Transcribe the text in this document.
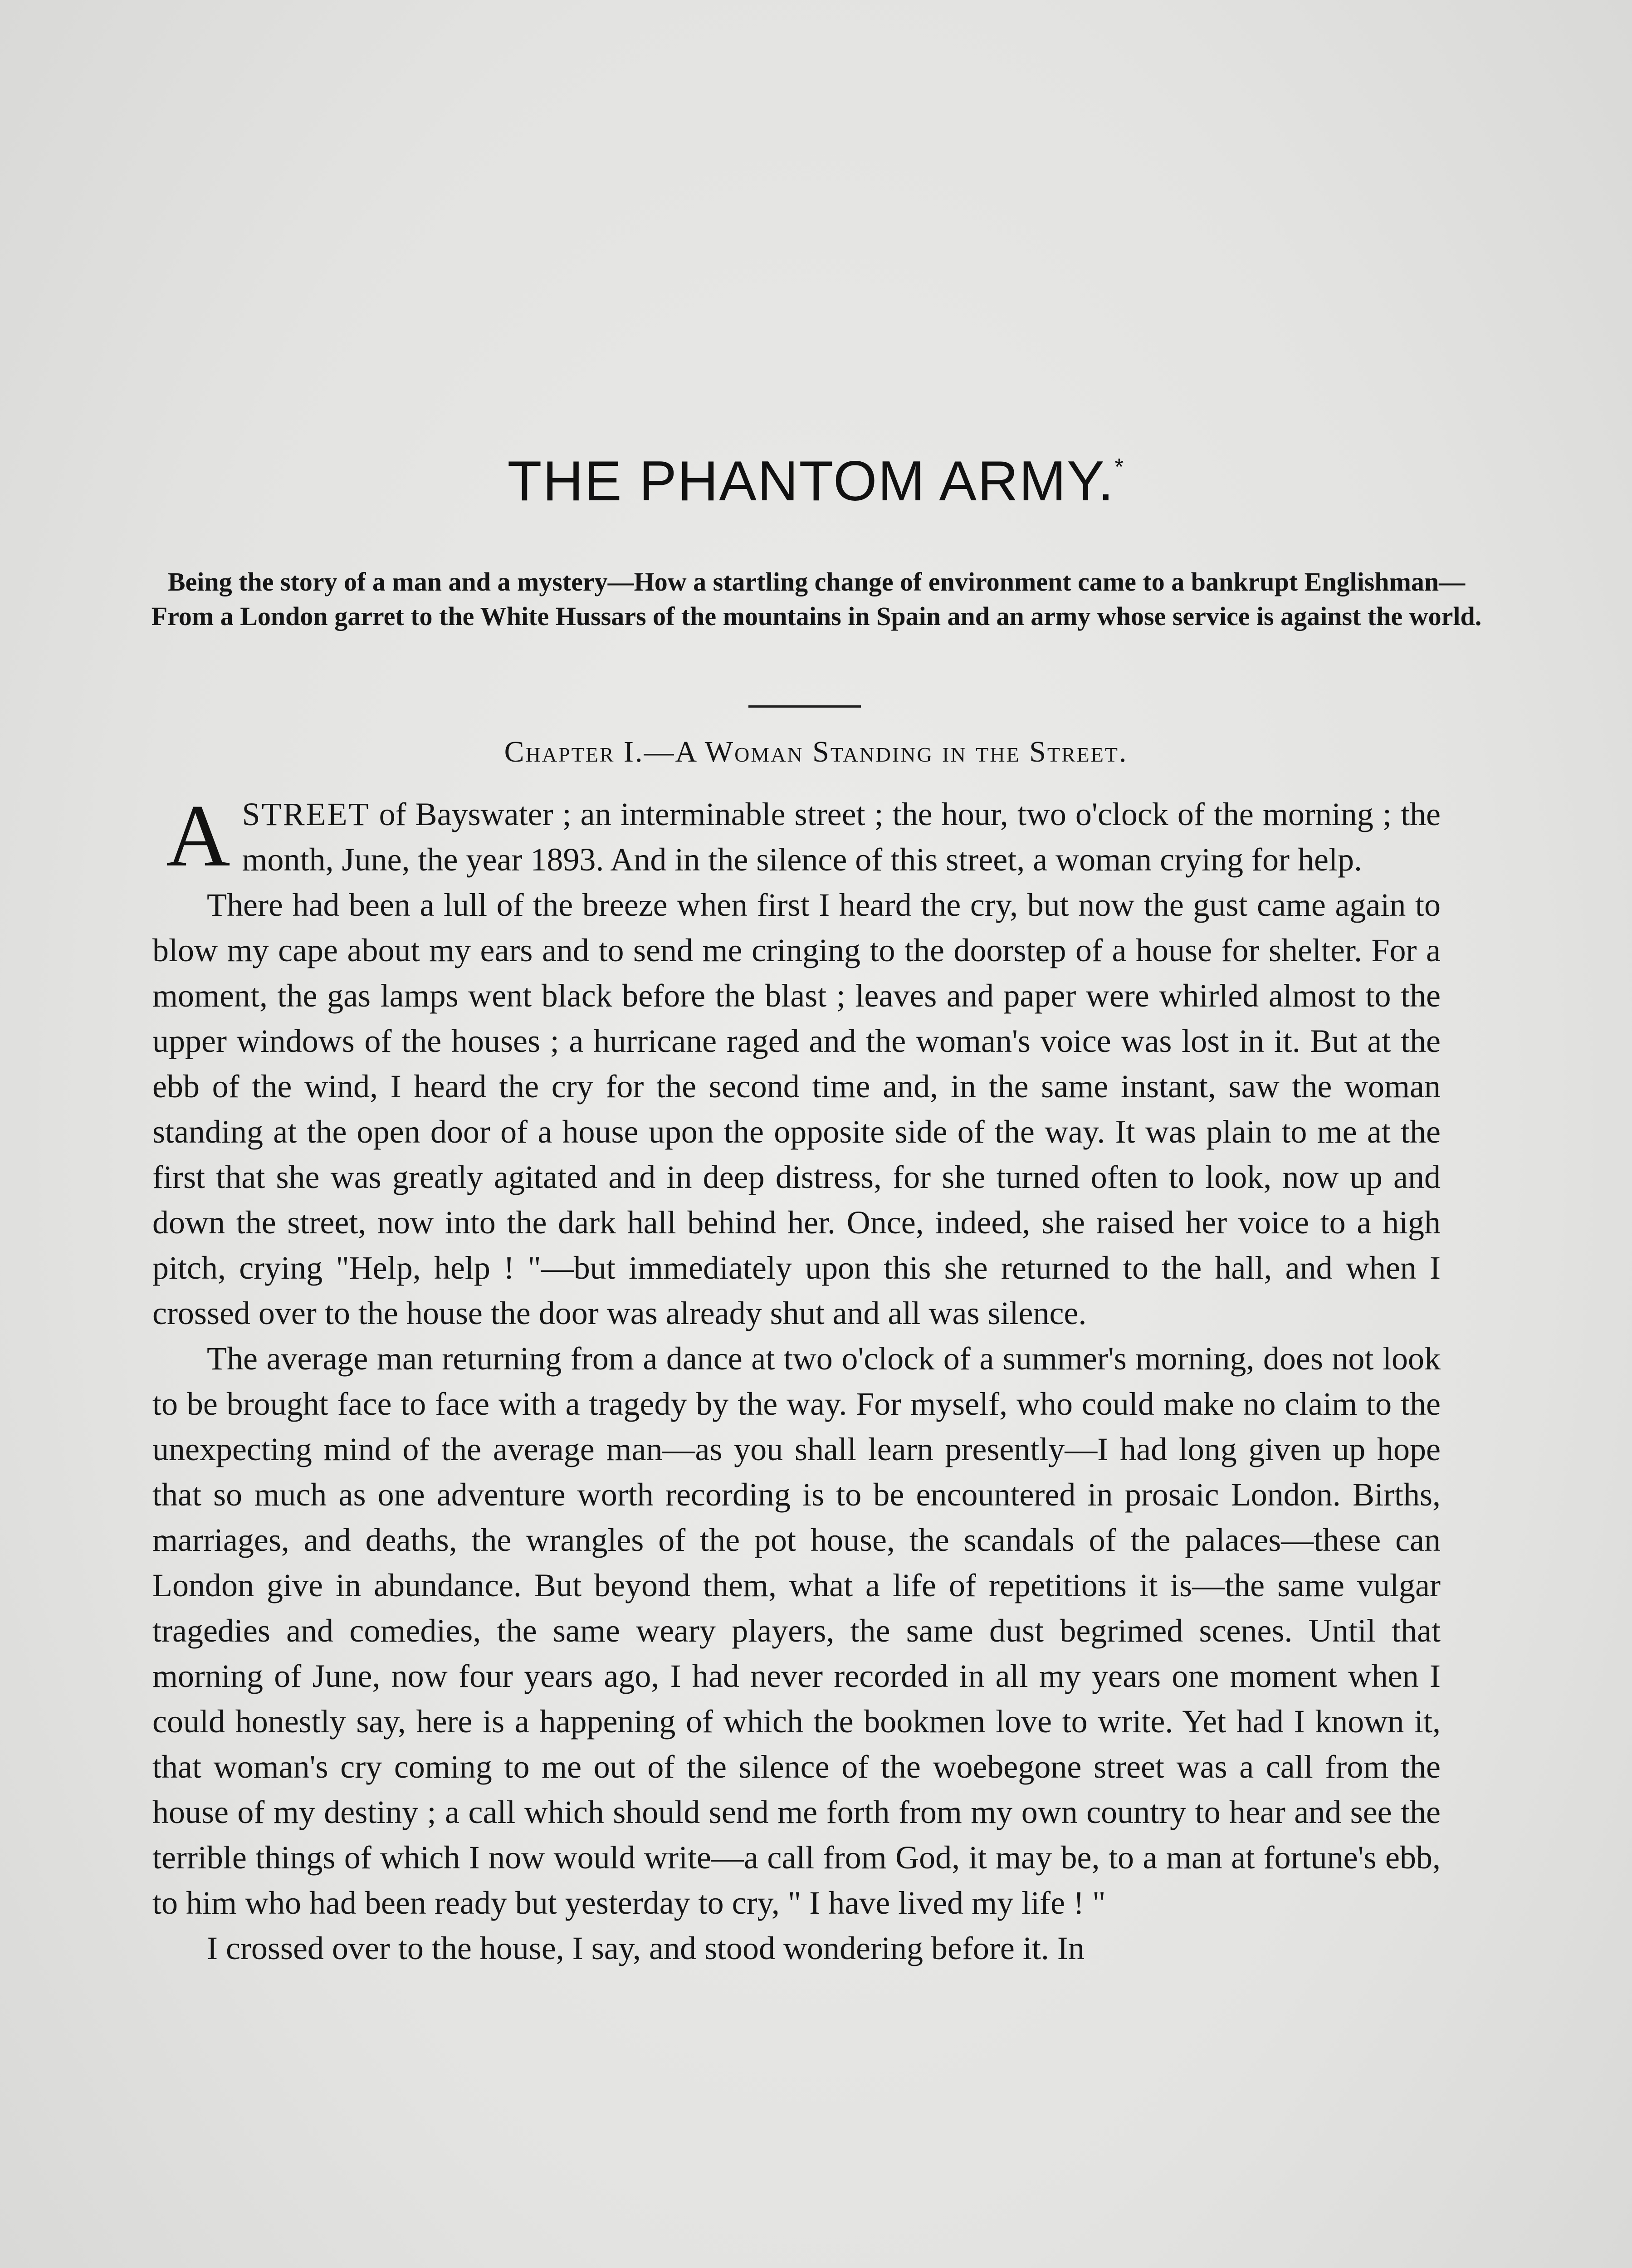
THE PHANTOM ARMY.*
Being the story of a man and a mystery—How a startling change of environment came to a bankrupt Englishman—From a London garret to the White Hussars of the mountains in Spain and an army whose service is against the world.
Chapter I.—A Woman Standing in the Street.

ASTREET of Bayswater ; an interminable street ; the hour, two o'clock of the morning ; the month, June, the year 1893. And in the silence of this street, a woman crying for help.

There had been a lull of the breeze when first I heard the cry, but now the gust came again to blow my cape about my ears and to send me cringing to the doorstep of a house for shelter. For a moment, the gas lamps went black before the blast ; leaves and paper were whirled almost to the upper windows of the houses ; a hurricane raged and the woman's voice was lost in it. But at the ebb of the wind, I heard the cry for the second time and, in the same instant, saw the woman standing at the open door of a house upon the opposite side of the way. It was plain to me at the first that she was greatly agitated and in deep distress, for she turned often to look, now up and down the street, now into the dark hall behind her. Once, indeed, she raised her voice to a high pitch, crying "Help, help ! "—but immediately upon this she returned to the hall, and when I crossed over to the house the door was already shut and all was silence.

The average man returning from a dance at two o'clock of a summer's morning, does not look to be brought face to face with a tragedy by the way. For myself, who could make no claim to the unexpecting mind of the average man—as you shall learn presently—I had long given up hope that so much as one adventure worth recording is to be encountered in prosaic London. Births, marriages, and deaths, the wrangles of the pot house, the scandals of the palaces—these can London give in abundance. But beyond them, what a life of repetitions it is—the same vulgar tragedies and comedies, the same weary players, the same dust begrimed scenes. Until that morning of June, now four years ago, I had never recorded in all my years one moment when I could honestly say, here is a happening of which the bookmen love to write. Yet had I known it, that woman's cry coming to me out of the silence of the woebegone street was a call from the house of my destiny ; a call which should send me forth from my own country to hear and see the terrible things of which I now would write—a call from God, it may be, to a man at fortune's ebb, to him who had been ready but yesterday to cry, " I have lived my life ! "

I crossed over to the house, I say, and stood wondering before it. In
